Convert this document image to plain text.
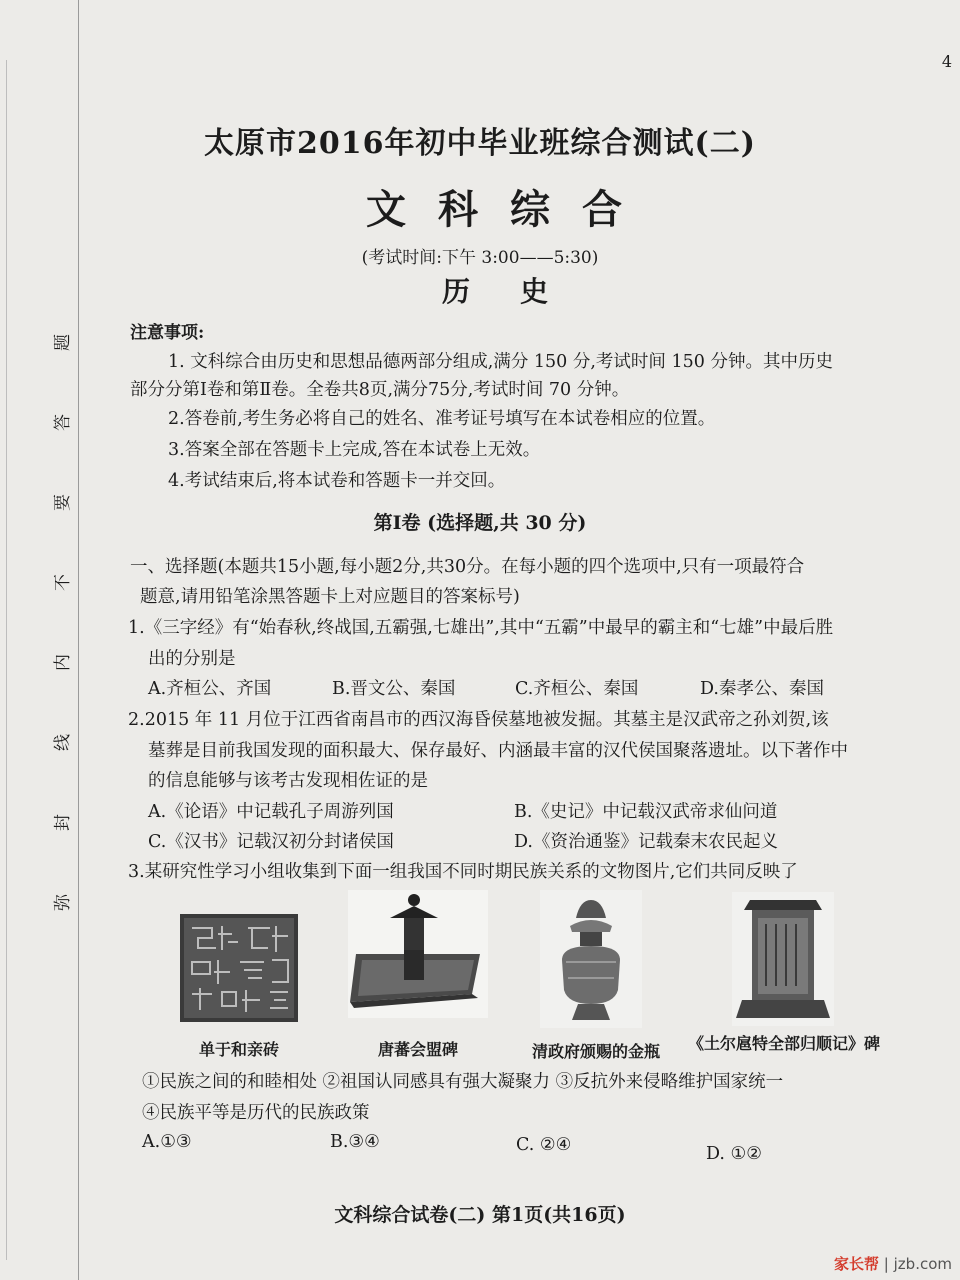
弥
封
线
内
不
要
答
题
4
太原市2016年初中毕业班综合测试(二)
文科综合
(考试时间:下午 3:00——5:30)
历史
注意事项:
1. 文科综合由历史和思想品德两部分组成,满分 150 分,考试时间 150 分钟。其中历史
部分分第Ⅰ卷和第Ⅱ卷。全卷共8页,满分75分,考试时间 70 分钟。
2.答卷前,考生务必将自己的姓名、准考证号填写在本试卷相应的位置。
3.答案全部在答题卡上完成,答在本试卷上无效。
4.考试结束后,将本试卷和答题卡一并交回。
第Ⅰ卷 (选择题,共 30 分)
一、选择题(本题共15小题,每小题2分,共30分。在每小题的四个选项中,只有一项最符合
题意,请用铅笔涂黑答题卡上对应题目的答案标号)
1.《三字经》有“始春秋,终战国,五霸强,七雄出”,其中“五霸”中最早的霸主和“七雄”中最后胜
出的分别是
A.齐桓公、齐国	B.晋文公、秦国	C.齐桓公、秦国	D.秦孝公、秦国
2.2015 年 11 月位于江西省南昌市的西汉海昏侯墓地被发掘。其墓主是汉武帝之孙刘贺,该
墓葬是目前我国发现的面积最大、保存最好、内涵最丰富的汉代侯国聚落遗址。以下著作中
的信息能够与该考古发现相佐证的是
A.《论语》中记载孔子周游列国	B.《史记》中记载汉武帝求仙问道
C.《汉书》记载汉初分封诸侯国	D.《资治通鉴》记载秦末农民起义
3.某研究性学习小组收集到下面一组我国不同时期民族关系的文物图片,它们共同反映了
单于和亲砖	唐蕃会盟碑	清政府颁赐的金瓶	《土尔扈特全部归顺记》碑
①民族之间的和睦相处 ②祖国认同感具有强大凝聚力 ③反抗外来侵略维护国家统一
④民族平等是历代的民族政策
A.①③	B.③④	C. ②④	D. ①②
文科综合试卷(二) 第1页(共16页)
家长帮 | jzb.com
